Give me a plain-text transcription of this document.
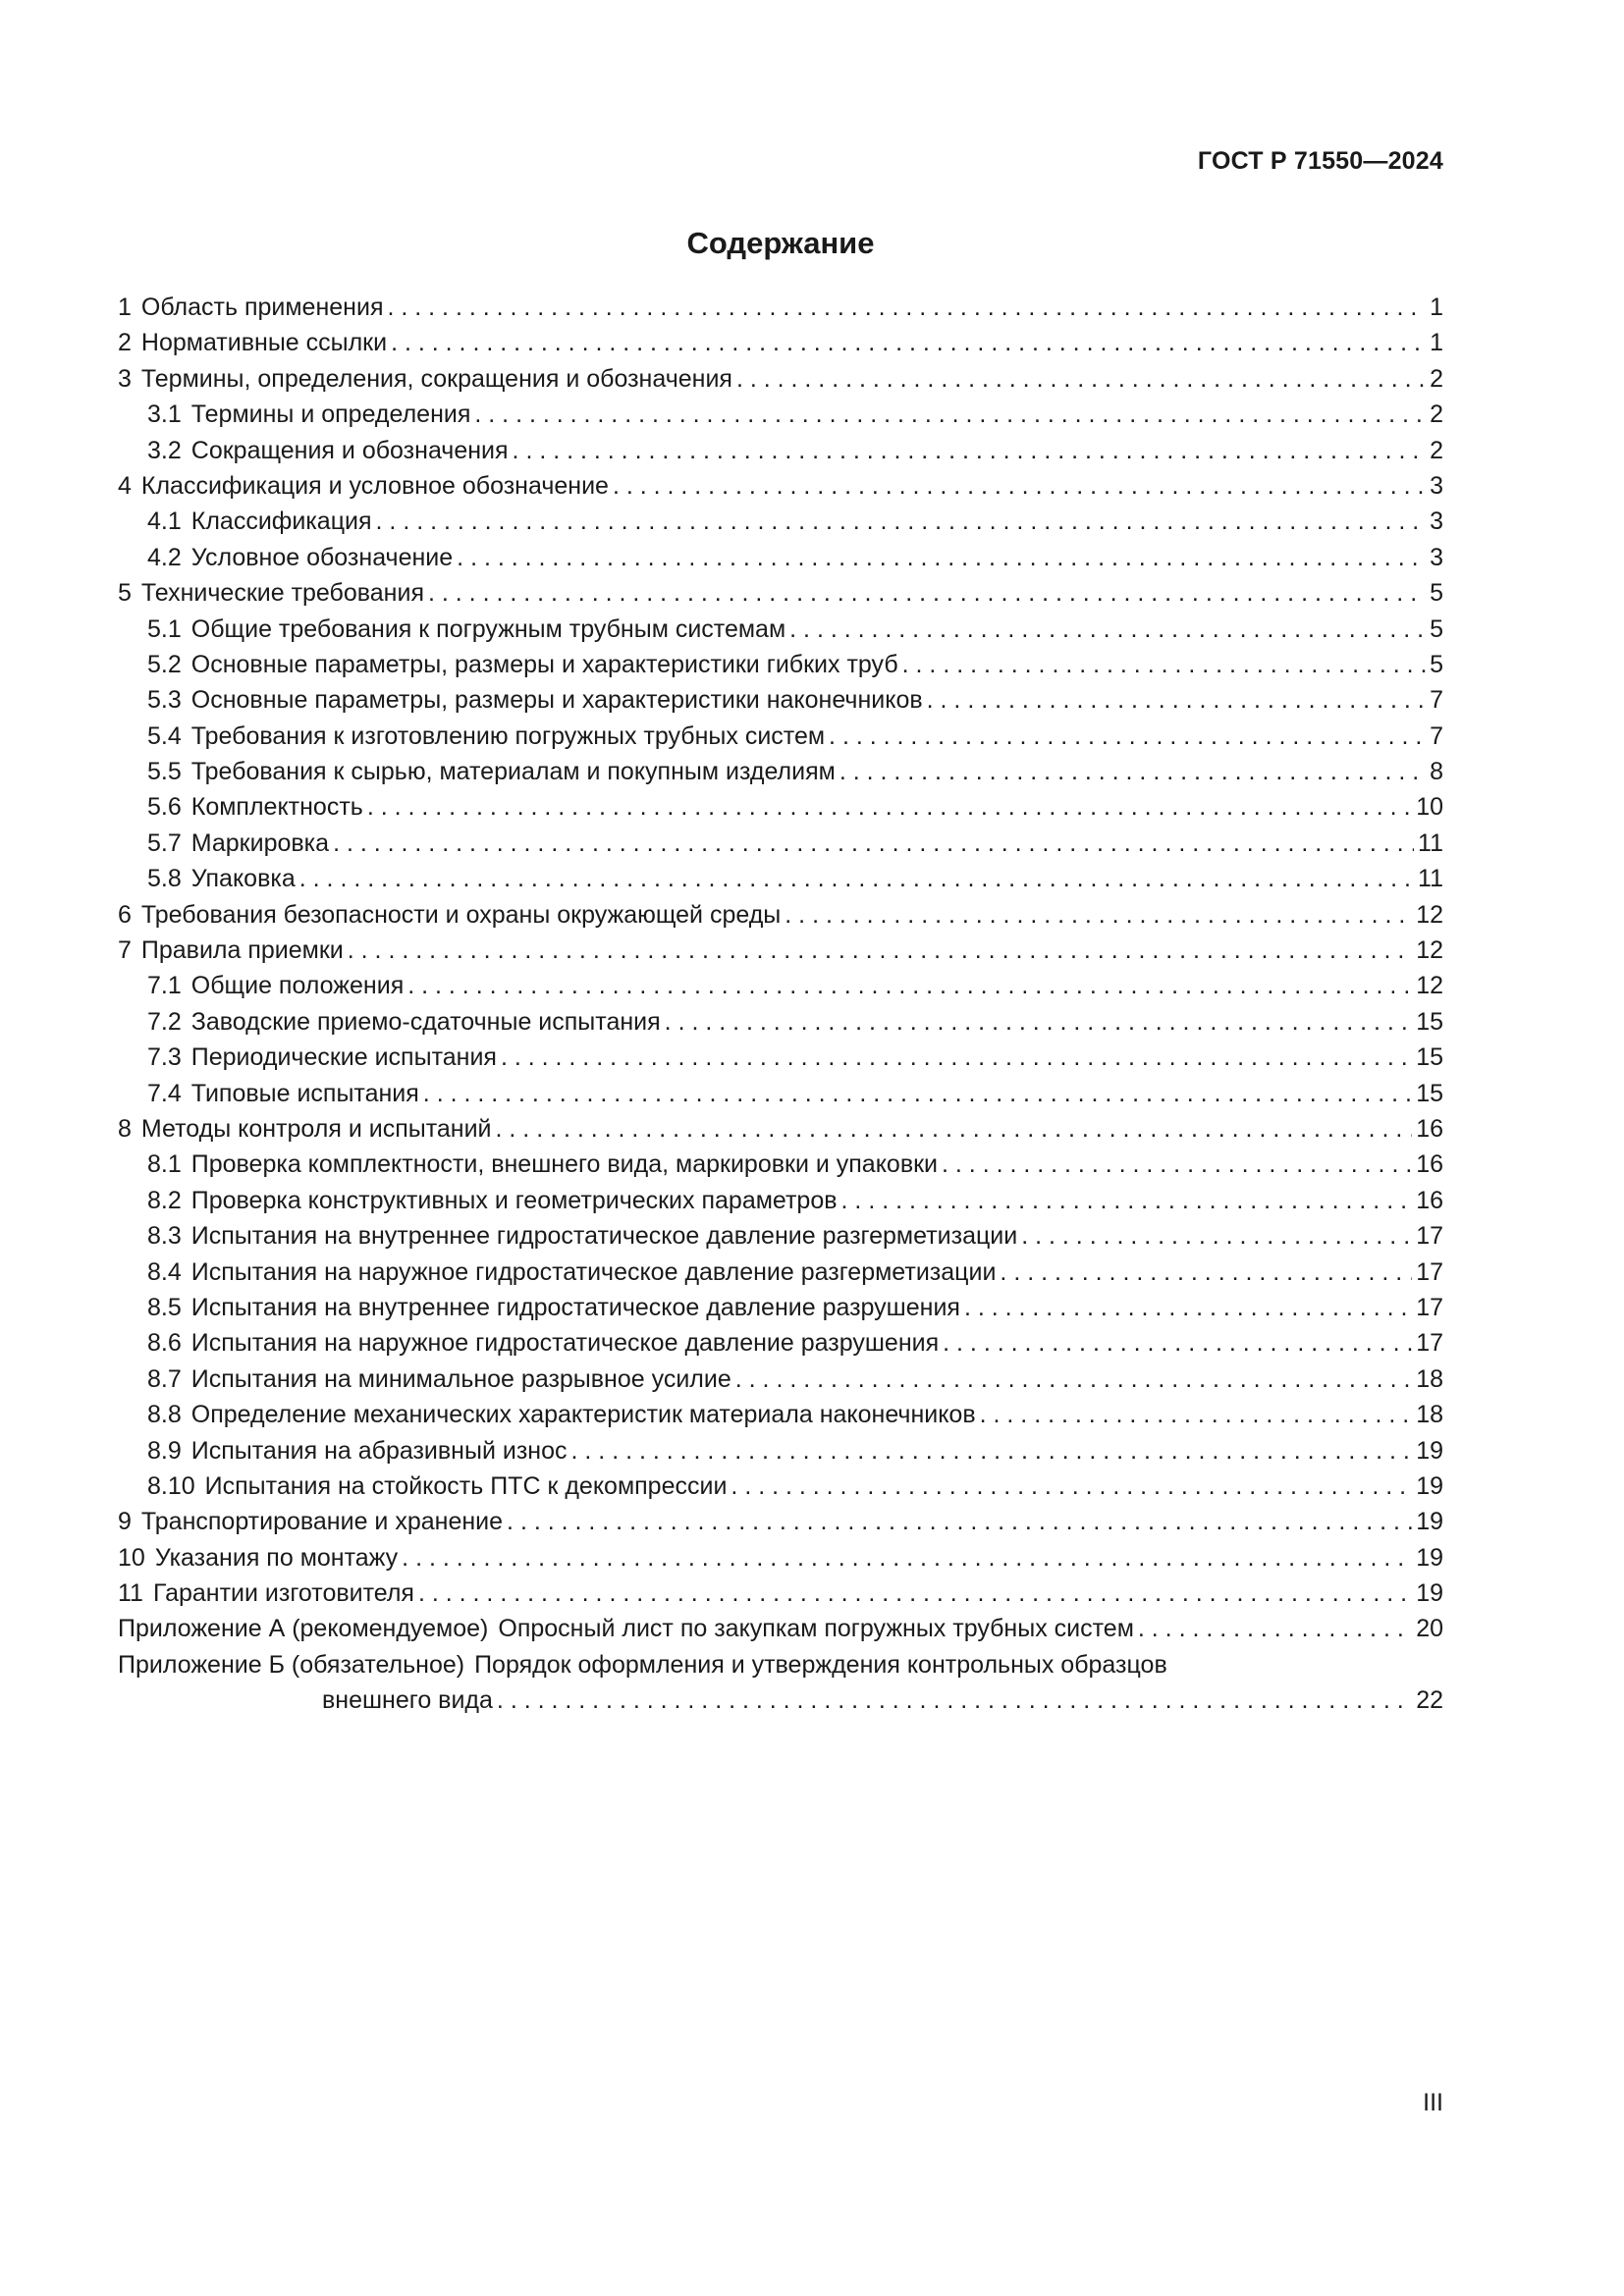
ГОСТ Р 71550—2024
Содержание
1 Область применения . . .	1
2 Нормативные ссылки . . .	1
3 Термины, определения, сокращения и обозначения . . .	2
3.1 Термины и определения . . .	2
3.2 Сокращения и обозначения . . .	2
4 Классификация и условное обозначение . . .	3
4.1 Классификация . . .	3
4.2 Условное обозначение . . .	3
5 Технические требования . . .	5
5.1 Общие требования к погружным трубным системам . . .	5
5.2 Основные параметры, размеры и характеристики гибких труб . . .	5
5.3 Основные параметры, размеры и характеристики наконечников . . .	7
5.4 Требования к изготовлению погружных трубных систем . . .	7
5.5 Требования к сырью, материалам и покупным изделиям . . .	8
5.6 Комплектность . . .	10
5.7 Маркировка . . .	11
5.8 Упаковка . . .	11
6 Требования безопасности и охраны окружающей среды . . .	12
7 Правила приемки . . .	12
7.1 Общие положения . . .	12
7.2 Заводские приемо-сдаточные испытания . . .	15
7.3 Периодические испытания . . .	15
7.4 Типовые испытания . . .	15
8 Методы контроля и испытаний . . .	16
8.1 Проверка комплектности, внешнего вида, маркировки и упаковки . . .	16
8.2 Проверка конструктивных и геометрических параметров . . .	16
8.3 Испытания на внутреннее гидростатическое давление разгерметизации . . .	17
8.4 Испытания на наружное гидростатическое давление разгерметизации . . .	17
8.5 Испытания на внутреннее гидростатическое давление разрушения . . .	17
8.6 Испытания на наружное гидростатическое давление разрушения . . .	17
8.7 Испытания на минимальное разрывное усилие . . .	18
8.8 Определение механических характеристик материала наконечников . . .	18
8.9 Испытания на абразивный износ . . .	19
8.10 Испытания на стойкость ПТС к декомпрессии . . .	19
9 Транспортирование и хранение . . .	19
10 Указания по монтажу . . .	19
11 Гарантии изготовителя . . .	19
Приложение А (рекомендуемое) Опросный лист по закупкам погружных трубных систем . . .	20
Приложение Б (обязательное) Порядок оформления и утверждения контрольных образцов
внешнего вида . . .	22
III
